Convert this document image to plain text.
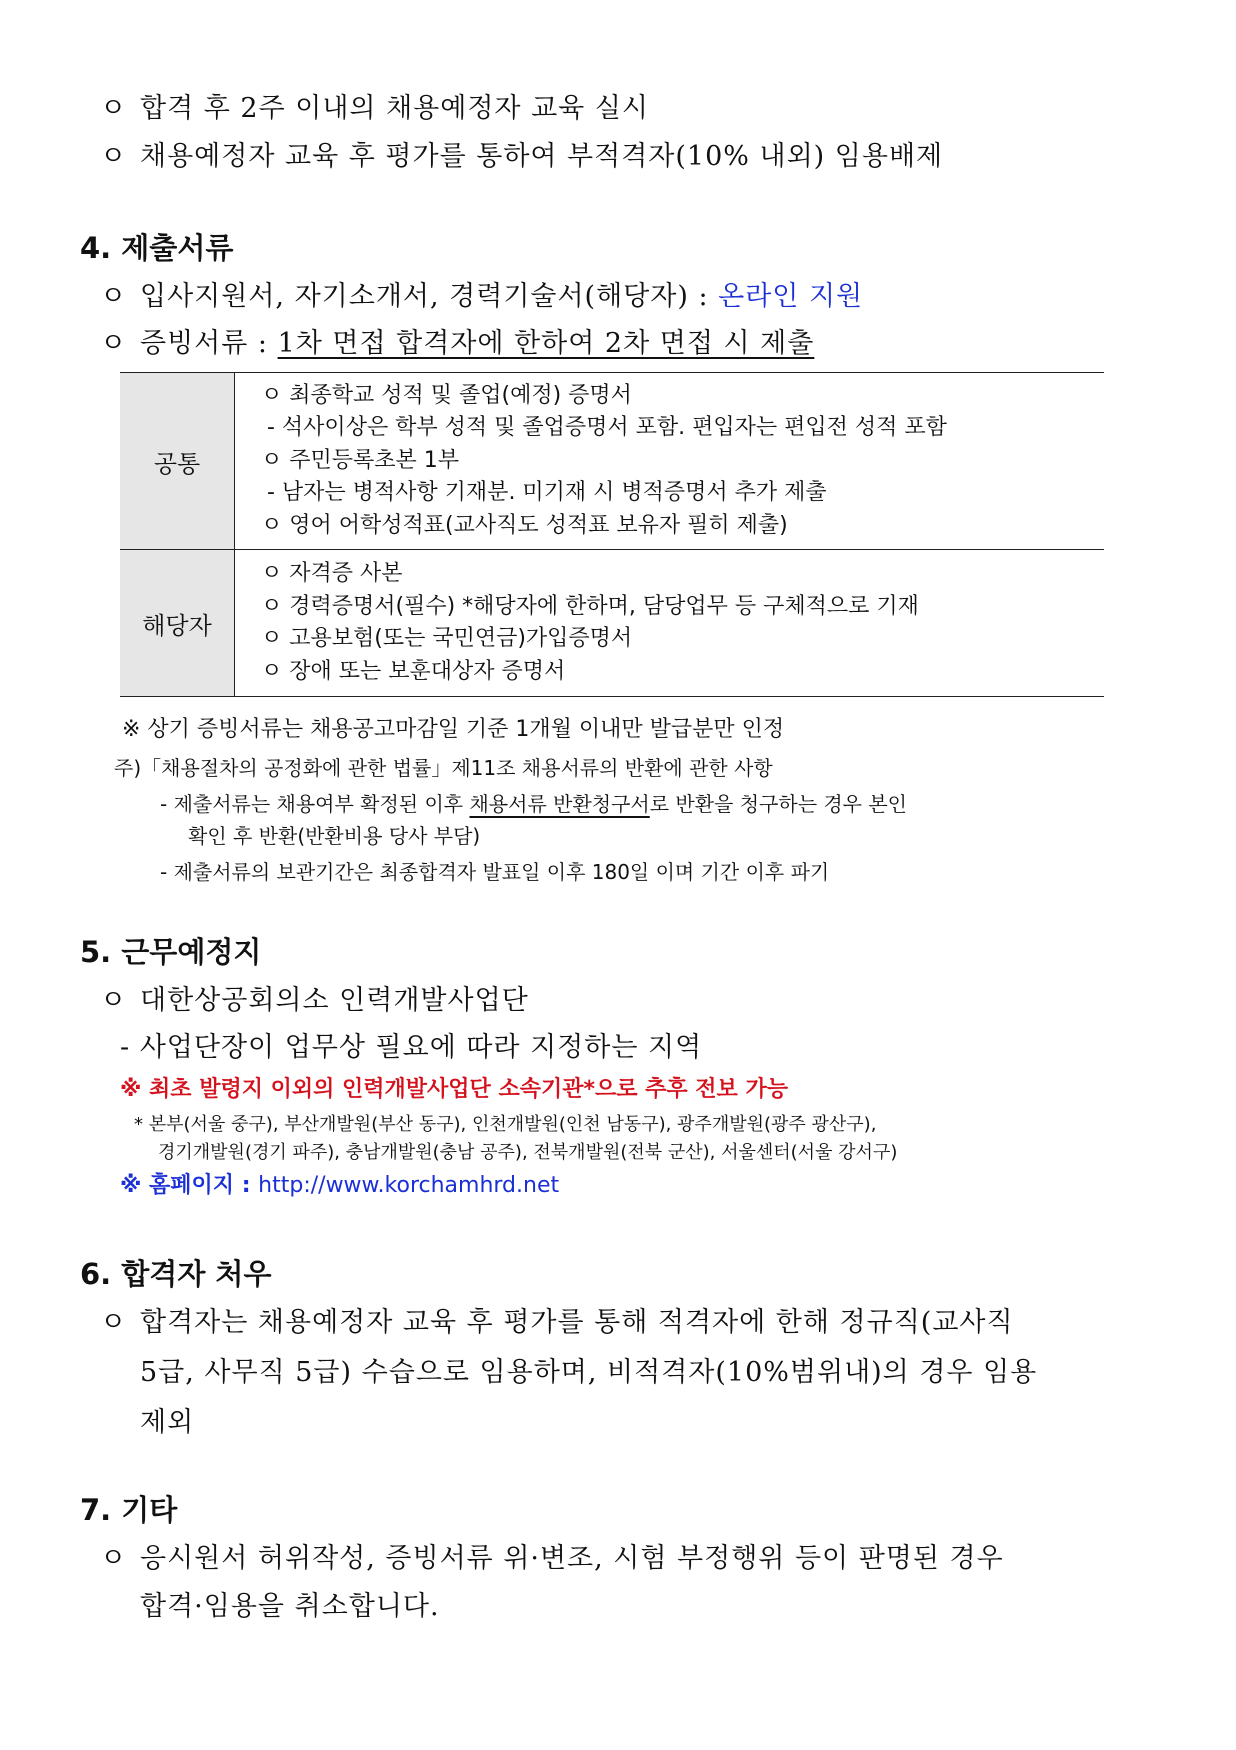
ㅇ 합격 후 2주 이내의 채용예정자 교육 실시
ㅇ 채용예정자 교육 후 평가를 통하여 부적격자(10% 내외) 임용배제
4. 제출서류
ㅇ 입사지원서, 자기소개서, 경력기술서(해당자) : 온라인 지원
ㅇ 증빙서류 : 1차 면접 합격자에 한하여 2차 면접 시 제출
공통	ㅇ 최종학교 성적 및 졸업(예정) 증명서
- 석사이상은 학부 성적 및 졸업증명서 포함. 편입자는 편입전 성적 포함
ㅇ 주민등록초본 1부
- 남자는 병적사항 기재분. 미기재 시 병적증명서 추가 제출
ㅇ 영어 어학성적표(교사직도 성적표 보유자 필히 제출)

해당자	ㅇ 자격증 사본
ㅇ 경력증명서(필수) *해당자에 한하며, 담당업무 등 구체적으로 기재
ㅇ 고용보험(또는 국민연금)가입증명서
ㅇ 장애 또는 보훈대상자 증명서
※ 상기 증빙서류는 채용공고마감일 기준 1개월 이내만 발급분만 인정
주)「채용절차의 공정화에 관한 법률」제11조 채용서류의 반환에 관한 사항
- 제출서류는 채용여부 확정된 이후 채용서류 반환청구서로 반환을 청구하는 경우 본인
확인 후 반환(반환비용 당사 부담)
- 제출서류의 보관기간은 최종합격자 발표일 이후 180일 이며 기간 이후 파기
5. 근무예정지
ㅇ 대한상공회의소 인력개발사업단
- 사업단장이 업무상 필요에 따라 지정하는 지역
※ 최초 발령지 이외의 인력개발사업단 소속기관*으로 추후 전보 가능
* 본부(서울 중구), 부산개발원(부산 동구), 인천개발원(인천 남동구), 광주개발원(광주 광산구),
경기개발원(경기 파주), 충남개발원(충남 공주), 전북개발원(전북 군산), 서울센터(서울 강서구)
※ 홈페이지 : http://www.korchamhrd.net
6. 합격자 처우
ㅇ 합격자는 채용예정자 교육 후 평가를 통해 적격자에 한해 정규직(교사직
5급, 사무직 5급) 수습으로 임용하며, 비적격자(10%범위내)의 경우 임용
제외
7. 기타
ㅇ 응시원서 허위작성, 증빙서류 위·변조, 시험 부정행위 등이 판명된 경우
합격·임용을 취소합니다.
